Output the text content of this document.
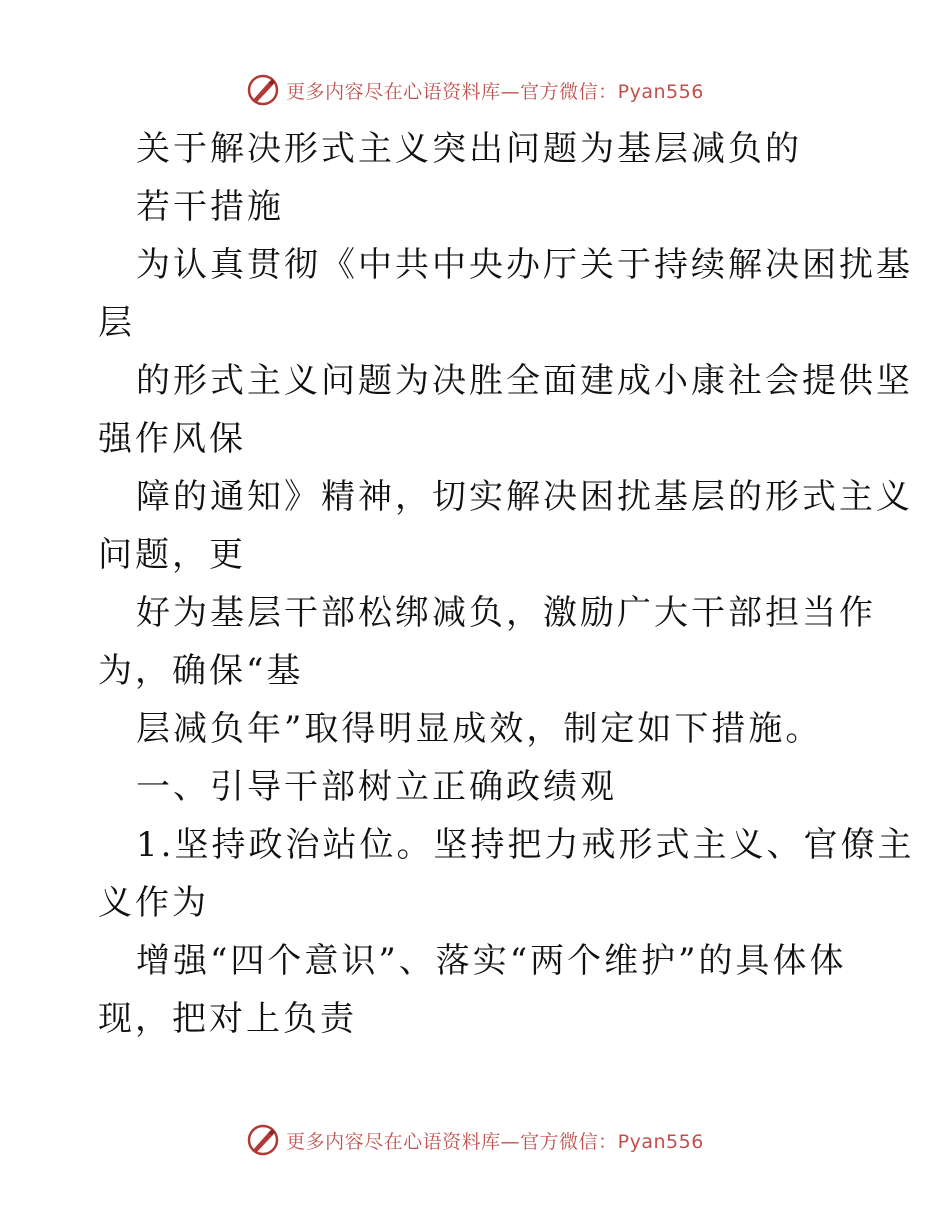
更多内容尽在心语资料库—官方微信：Pyan556
关于解决形式主义突出问题为基层减负的
若干措施
为认真贯彻《中共中央办厅关于持续解决困扰基
层
的形式主义问题为决胜全面建成小康社会提供坚
强作风保
障的通知》精神，切实解决困扰基层的形式主义
问题，更
好为基层干部松绑减负，激励广大干部担当作
为，确保“基
层减负年”取得明显成效，制定如下措施。
一、引导干部树立正确政绩观
1.坚持政治站位。坚持把力戒形式主义、官僚主
义作为
增强“四个意识”、落实“两个维护”的具体体
现，把对上负责
更多内容尽在心语资料库—官方微信：Pyan556
